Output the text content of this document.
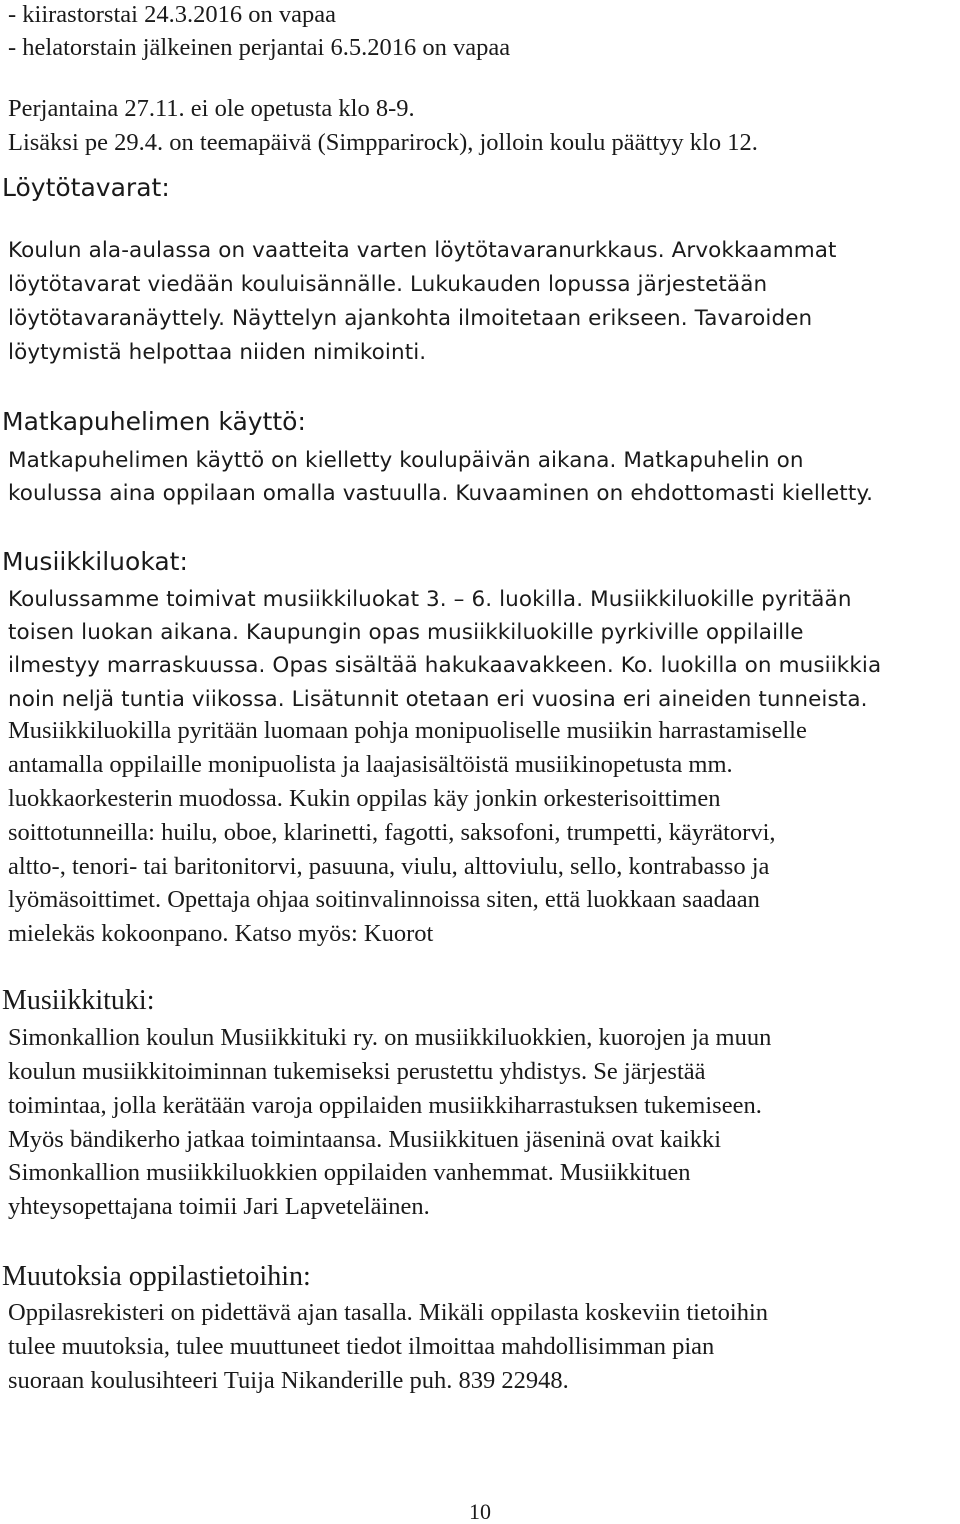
- kiirastorstai 24.3.2016 on vapaa
- helatorstain jälkeinen perjantai 6.5.2016 on vapaa
Perjantaina 27.11. ei ole opetusta klo 8-9.
Lisäksi pe 29.4. on teemapäivä (Simpparirock), jolloin koulu päättyy klo 12.
Löytötavarat:
Koulun ala-aulassa on vaatteita varten löytötavaranurkkaus. Arvokkaammat
löytötavarat viedään kouluisännälle. Lukukauden lopussa järjestetään
löytötavaranäyttely. Näyttelyn ajankohta ilmoitetaan erikseen. Tavaroiden
löytymistä helpottaa niiden nimikointi.
Matkapuhelimen käyttö:
Matkapuhelimen käyttö on kielletty koulupäivän aikana. Matkapuhelin on
koulussa aina oppilaan omalla vastuulla. Kuvaaminen on ehdottomasti kielletty.
Musiikkiluokat:
Koulussamme toimivat musiikkiluokat 3. – 6. luokilla. Musiikkiluokille pyritään
toisen luokan aikana. Kaupungin opas musiikkiluokille pyrkiville oppilaille
ilmestyy marraskuussa. Opas sisältää hakukaavakkeen. Ko. luokilla on musiikkia
noin neljä tuntia viikossa. Lisätunnit otetaan eri vuosina eri aineiden tunneista.
Musiikkiluokilla pyritään luomaan pohja monipuoliselle musiikin harrastamiselle
antamalla oppilaille monipuolista ja laajasisältöistä musiikinopetusta mm.
luokkaorkesterin muodossa. Kukin oppilas käy jonkin orkesterisoittimen
soittotunneilla: huilu, oboe, klarinetti, fagotti, saksofoni, trumpetti, käyrätorvi,
altto-, tenori- tai baritonitorvi, pasuuna, viulu, alttoviulu, sello, kontrabasso ja
lyömäsoittimet. Opettaja ohjaa soitinvalinnoissa siten, että luokkaan saadaan
mielekäs kokoonpano. Katso myös: Kuorot
Musiikkituki:
Simonkallion koulun Musiikkituki ry. on musiikkiluokkien, kuorojen ja muun
koulun musiikkitoiminnan tukemiseksi perustettu yhdistys. Se järjestää
toimintaa, jolla kerätään varoja oppilaiden musiikkiharrastuksen tukemiseen.
Myös bändikerho jatkaa toimintaansa. Musiikkituen jäseninä ovat kaikki
Simonkallion musiikkiluokkien oppilaiden vanhemmat. Musiikkituen
yhteysopettajana toimii Jari Lapveteläinen.
Muutoksia oppilastietoihin:
Oppilasrekisteri on pidettävä ajan tasalla. Mikäli oppilasta koskeviin tietoihin
tulee muutoksia, tulee muuttuneet tiedot ilmoittaa mahdollisimman pian
suoraan koulusihteeri Tuija Nikanderille puh. 839 22948.
10
